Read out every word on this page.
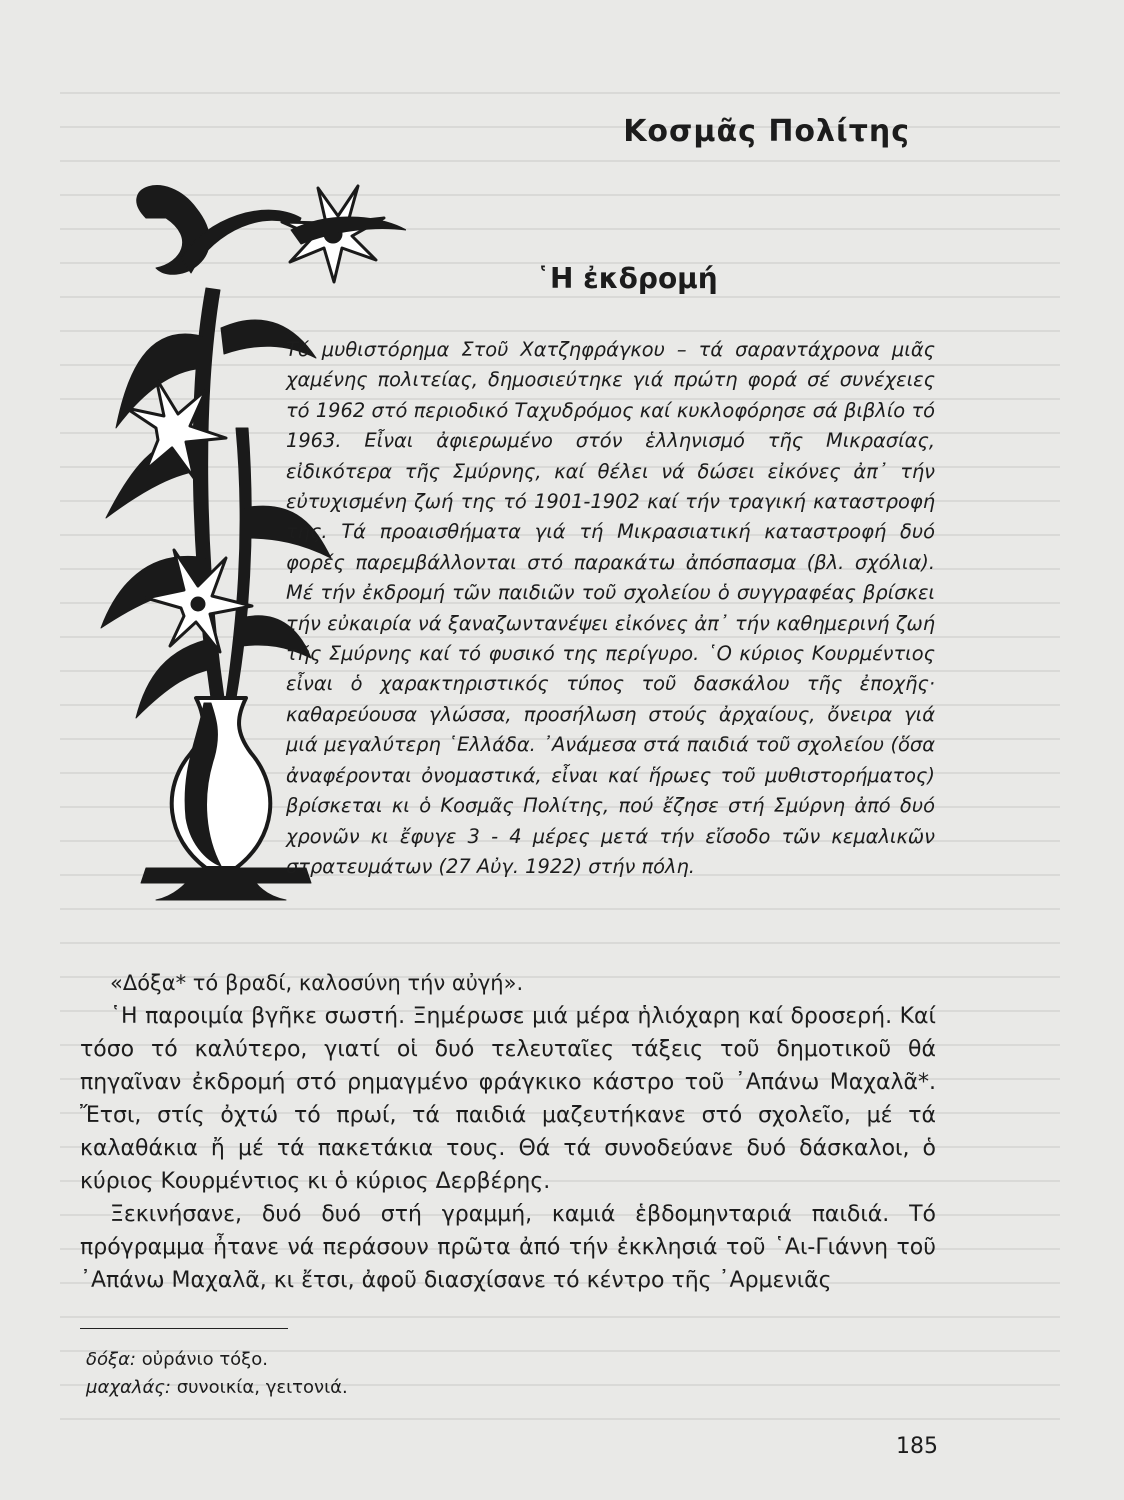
Κοσμᾶς Πολίτης
῾Η ἐκδρομή

Τό μυθιστόρημα Στοῦ Χατζηφράγκου – τά σαραντάχρονα μιᾶς χαμένης πολιτείας, δημοσιεύτηκε γιά πρώτη φορά σέ συνέχειες τό 1962 στό περιοδικό Ταχυδρόμος καί κυκλοφόρησε σά βιβλίο τό 1963. Εἶναι ἀφιερωμένο στόν ἑλληνισμό τῆς Μικρασίας, εἰδικότερα τῆς Σμύρνης, καί θέλει νά δώσει εἰκόνες ἀπ᾿ τήν εὐτυχισμένη ζωή της τό 1901-1902 καί τήν τραγική καταστροφή της. Τά προαισθήματα γιά τή Μικρασιατική καταστροφή δυό φορές παρεμβάλλονται στό παρακάτω ἀπόσπασμα (βλ. σχόλια). Μέ τήν ἐκδρομή τῶν παιδιῶν τοῦ σχολείου ὁ συγγραφέας βρίσκει τήν εὐκαιρία νά ξαναζωντανέψει εἰκόνες ἀπ᾿ τήν καθημερινή ζωή τῆς Σμύρνης καί τό φυσικό της περίγυρο. ῾Ο κύριος Κουρμέντιος εἶναι ὁ χαρακτηριστικός τύπος τοῦ δασκάλου τῆς ἐποχῆς· καθαρεύουσα γλώσσα, προσήλωση στούς ἀρχαίους, ὄνειρα γιά μιά μεγαλύτερη ῾Ελλάδα. ᾿Ανάμεσα στά παιδιά τοῦ σχολείου (ὅσα ἀναφέρονται ὀνομαστικά, εἶναι καί ἥρωες τοῦ μυθιστορήματος) βρίσκεται κι ὁ Κοσμᾶς Πολίτης, πού ἔζησε στή Σμύρνη ἀπό δυό χρονῶν κι ἔφυγε 3 - 4 μέρες μετά τήν εἴσοδο τῶν κεμαλικῶν στρατευμάτων (27 Αὐγ. 1922) στήν πόλη.

«Δόξα* τό βραδί, καλοσύνη τήν αὐγή».

῾Η παροιμία βγῆκε σωστή. Ξημέρωσε μιά μέρα ἡλιόχαρη καί δροσερή. Καί τόσο τό καλύτερο, γιατί οἱ δυό τελευταῖες τάξεις τοῦ δημοτικοῦ θά πηγαῖναν ἐκδρομή στό ρημαγμένο φράγκικο κάστρο τοῦ ᾿Απάνω Μαχαλᾶ*. Ἔτσι, στίς ὀχτώ τό πρωί, τά παιδιά μαζευτήκανε στό σχολεῖο, μέ τά καλαθάκια ἤ μέ τά πακετάκια τους. Θά τά συνοδεύανε δυό δάσκαλοι, ὁ κύριος Κουρμέντιος κι ὁ κύριος Δερβέρης.

Ξεκινήσανε, δυό δυό στή γραμμή, καμιά ἑβδομηνταριά παιδιά. Τό πρόγραμμα ἦτανε νά περάσουν πρῶτα ἀπό τήν ἐκκλησιά τοῦ ῾Αι-Γιάννη τοῦ ᾿Απάνω Μαχαλᾶ, κι ἔτσι, ἀφοῦ διασχίσανε τό κέντρο τῆς ᾿Αρμενιᾶς

δόξα: οὐράνιο τόξο.
μαχαλάς: συνοικία, γειτονιά.
185
